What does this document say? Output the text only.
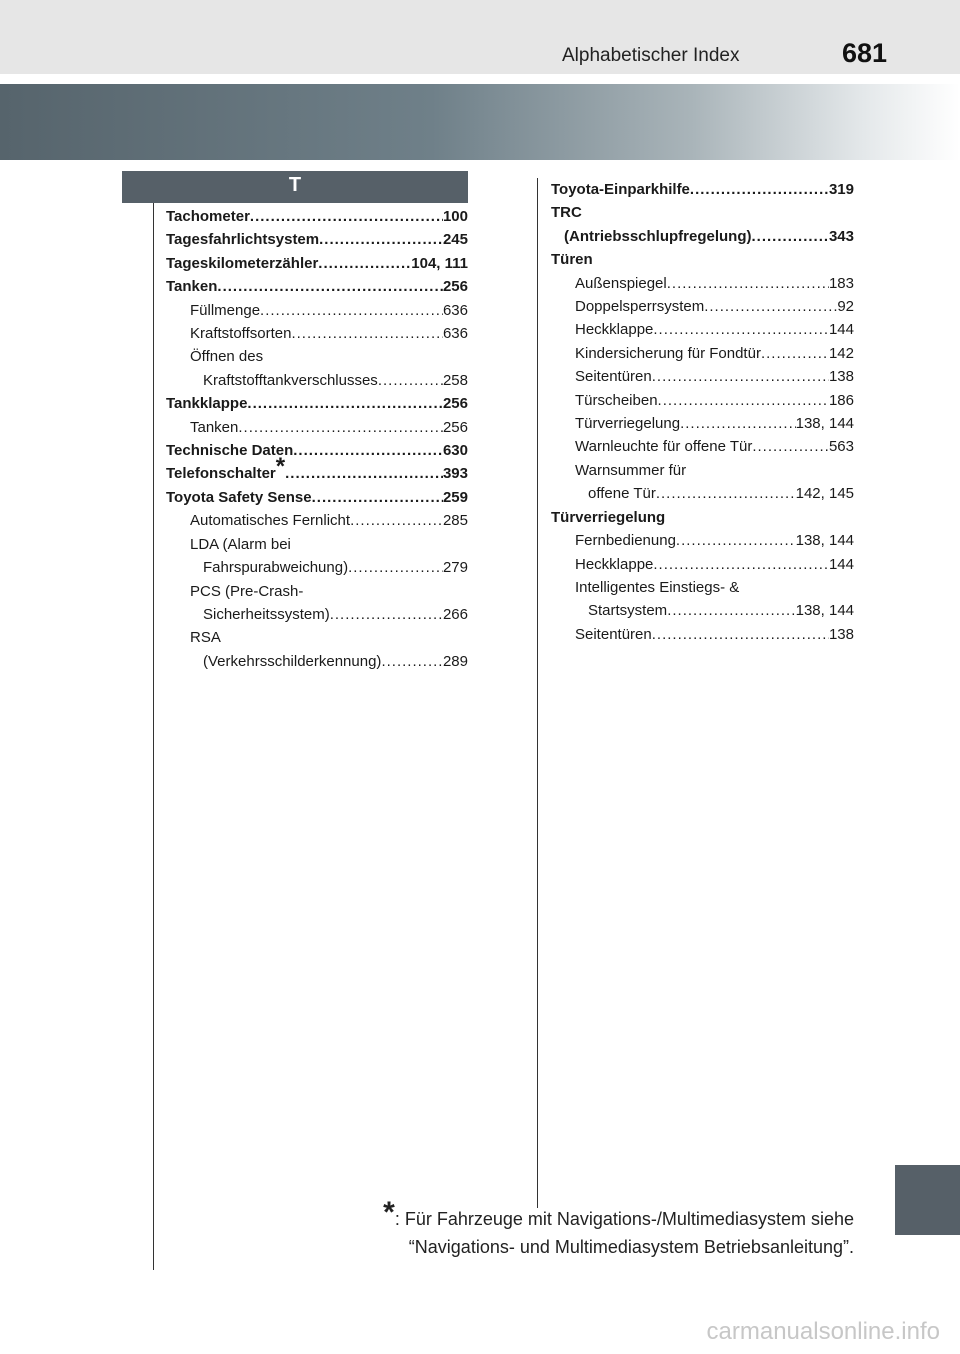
Alphabetischer Index	681
T
Tachometer .....	100
Tagesfahrlichtsystem .....	245
Tageskilometerzähler .....	104, 111
Tanken .....	256
Füllmenge .....	636
Kraftstoffsorten .....	636
Öffnen des
Kraftstofftankverschlusses .....	258
Tankklappe .....	256
Tanken .....	256
Technische Daten .....	630
Telefonschalter* .....	393
Toyota Safety Sense .....	259
Automatisches Fernlicht .....	285
LDA (Alarm bei
Fahrspurabweichung) .....	279
PCS (Pre-Crash-
Sicherheitssystem) .....	266
RSA
(Verkehrsschilderkennung) .....	289
Toyota-Einparkhilfe .....	319
TRC
(Antriebsschlupfregelung) .....	343
Türen
Außenspiegel .....	183
Doppelsperrsystem .....	92
Heckklappe .....	144
Kindersicherung für Fondtür .....	142
Seitentüren .....	138
Türscheiben .....	186
Türverriegelung .....	138, 144
Warnleuchte für offene Tür .....	563
Warnsummer für
offene Tür .....	142, 145
Türverriegelung
Fernbedienung .....	138, 144
Heckklappe .....	144
Intelligentes Einstiegs- &
Startsystem .....	138, 144
Seitentüren .....	138
*: Für Fahrzeuge mit Navigations-/Multimediasystem siehe
“Navigations- und Multimediasystem Betriebsanleitung”.
carmanualsonline.info
